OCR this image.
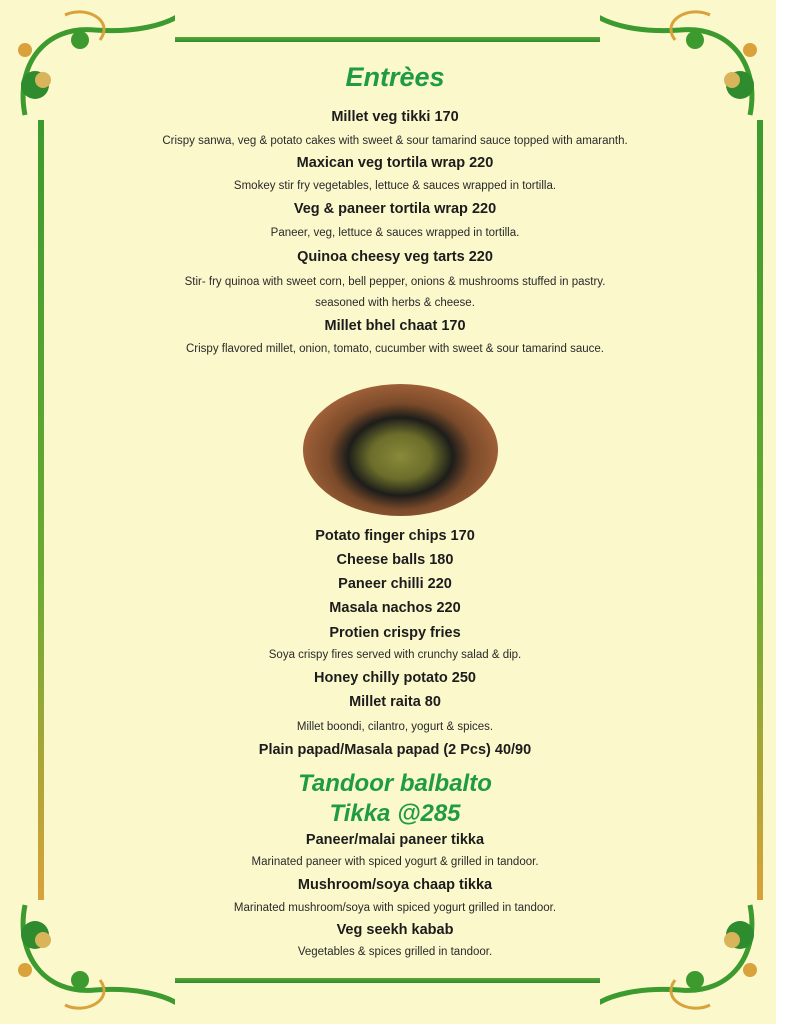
Entrèes
Millet veg tikki 170
Crispy sanwa, veg & potato cakes with sweet & sour tamarind sauce topped with amaranth.
Maxican veg tortila wrap 220
Smokey stir fry vegetables, lettuce & sauces wrapped in tortilla.
Veg & paneer tortila wrap 220
Paneer, veg, lettuce & sauces wrapped in tortilla.
Quinoa cheesy veg tarts 220
Stir- fry quinoa with sweet corn, bell pepper, onions & mushrooms stuffed in pastry.
seasoned with herbs & cheese.
Millet bhel chaat 170
Crispy flavored millet, onion, tomato, cucumber with sweet & sour tamarind sauce.
Potato finger chips 170
Cheese balls 180
Paneer chilli 220
Masala nachos 220
Protien crispy fries
Soya crispy fires served with crunchy salad & dip.
Honey chilly potato 250
Millet raita 80
Millet boondi, cilantro, yogurt & spices.
Plain papad/Masala papad (2 Pcs) 40/90
Tandoor balbalto
Tikka @285
Paneer/malai paneer tikka
Marinated paneer with spiced yogurt & grilled in tandoor.
Mushroom/soya chaap tikka
Marinated mushroom/soya with spiced yogurt grilled in tandoor.
Veg seekh kabab
Vegetables & spices grilled in tandoor.
